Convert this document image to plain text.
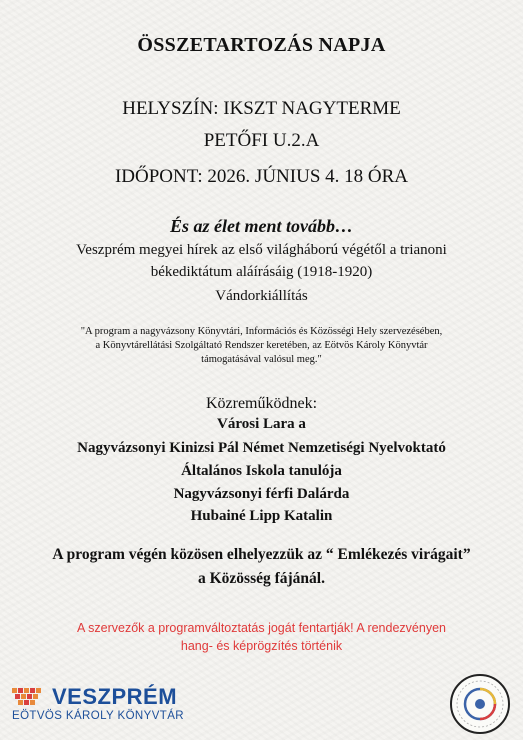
ÖSSZETARTOZÁS NAPJA

HELYSZÍN: IKSZT NAGYTERME

PETŐFI U.2.A

IDŐPONT: 2026. JÚNIUS 4. 18 ÓRA

És az élet ment tovább…

Veszprém megyei hírek az első világháború végétől a trianoni

békediktátum aláírásáig (1918-1920)

Vándorkiállítás

"A program a nagyvázsony Könyvtári, Információs és Közösségi Hely szervezésében,
a Könyvtárellátási Szolgáltató Rendszer keretében, az Eötvös Károly Könyvtár
támogatásával valósul meg."

Közreműködnek:

Városi Lara a

Nagyvázsonyi Kinizsi Pál Német Nemzetiségi Nyelvoktató

Általános Iskola tanulója

Nagyvázsonyi férfi Dalárda

Hubainé Lipp Katalin

A program végén közösen elhelyezzük az “ Emlékezés virágait”

a Közösség fájánál.

A szervezők a programváltoztatás jogát fentartják! A rendezvényen

hang- és képrögzítés történik

VESZPRÉM
EÖTVÖS KÁROLY KÖNYVTÁR
